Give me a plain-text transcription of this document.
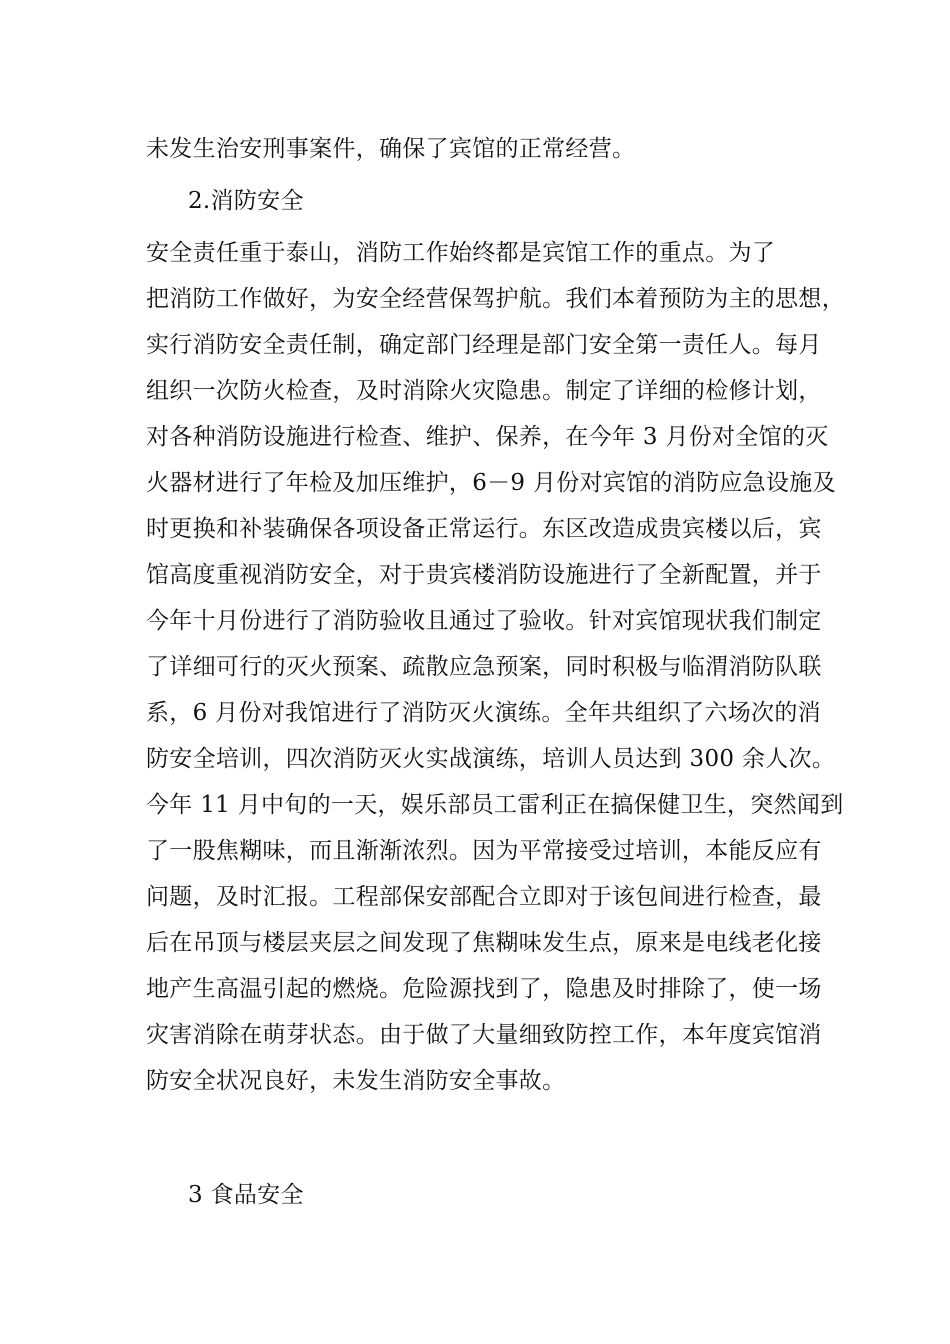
未发生治安刑事案件，确保了宾馆的正常经营。
2.消防安全
安全责任重于泰山，消防工作始终都是宾馆工作的重点。为了
把消防工作做好，为安全经营保驾护航。我们本着预防为主的思想，
实行消防安全责任制，确定部门经理是部门安全第一责任人。每月
组织一次防火检查，及时消除火灾隐患。制定了详细的检修计划，
对各种消防设施进行检查、维护、保养，在今年 3 月份对全馆的灭
火器材进行了年检及加压维护，6－9 月份对宾馆的消防应急设施及
时更换和补装确保各项设备正常运行。东区改造成贵宾楼以后，宾
馆高度重视消防安全，对于贵宾楼消防设施进行了全新配置，并于
今年十月份进行了消防验收且通过了验收。针对宾馆现状我们制定
了详细可行的灭火预案、疏散应急预案，同时积极与临渭消防队联
系，6 月份对我馆进行了消防灭火演练。全年共组织了六场次的消
防安全培训，四次消防灭火实战演练，培训人员达到 300 余人次。
今年 11 月中旬的一天，娱乐部员工雷利正在搞保健卫生，突然闻到
了一股焦糊味，而且渐渐浓烈。因为平常接受过培训，本能反应有
问题，及时汇报。工程部保安部配合立即对于该包间进行检查，最
后在吊顶与楼层夹层之间发现了焦糊味发生点，原来是电线老化接
地产生高温引起的燃烧。危险源找到了，隐患及时排除了，使一场
灾害消除在萌芽状态。由于做了大量细致防控工作，本年度宾馆消
防安全状况良好，未发生消防安全事故。
3 食品安全
